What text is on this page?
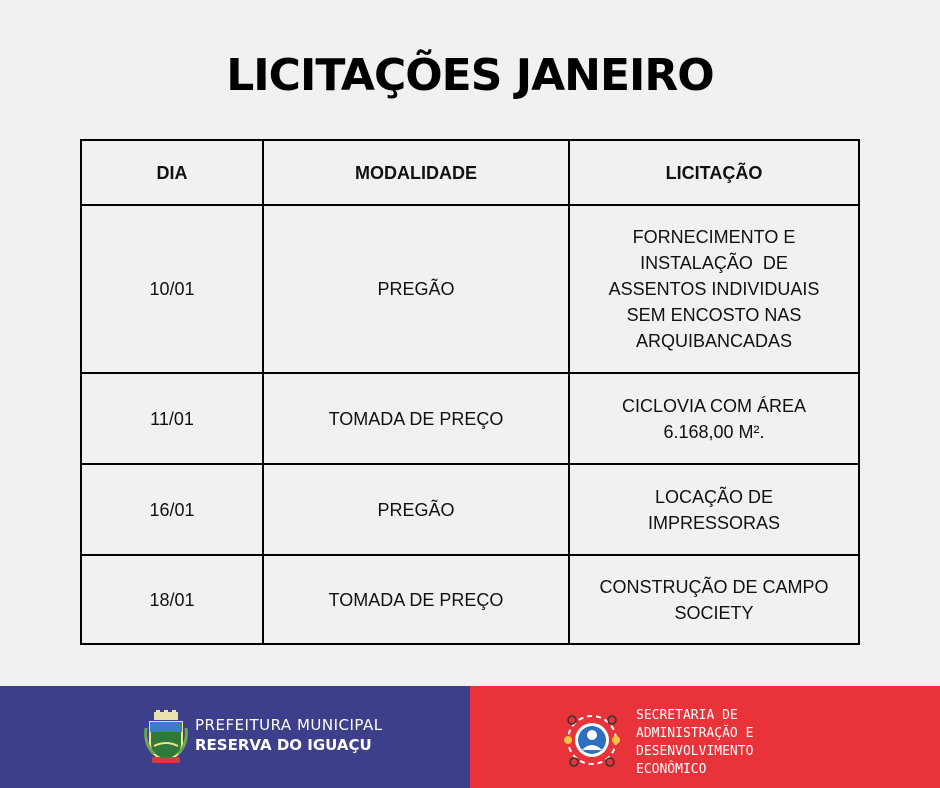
LICITAÇÕES JANEIRO
DIA	MODALIDADE	LICITAÇÃO
10/01	PREGÃO	FORNECIMENTO E
INSTALAÇÃO  DE
ASSENTOS INDIVIDUAIS
SEM ENCOSTO NAS
ARQUIBANCADAS

11/01	TOMADA DE PREÇO	CICLOVIA COM ÁREA
6.168,00 M².

16/01	PREGÃO	LOCAÇÃO DE
IMPRESSORAS

18/01	TOMADA DE PREÇO	CONSTRUÇÃO DE CAMPO
SOCIETY
PREFEITURA MUNICIPAL
RESERVA DO IGUAÇU
SECRETARIA DE
ADMINISTRAÇÃO E
DESENVOLVIMENTO
ECONÔMICO
